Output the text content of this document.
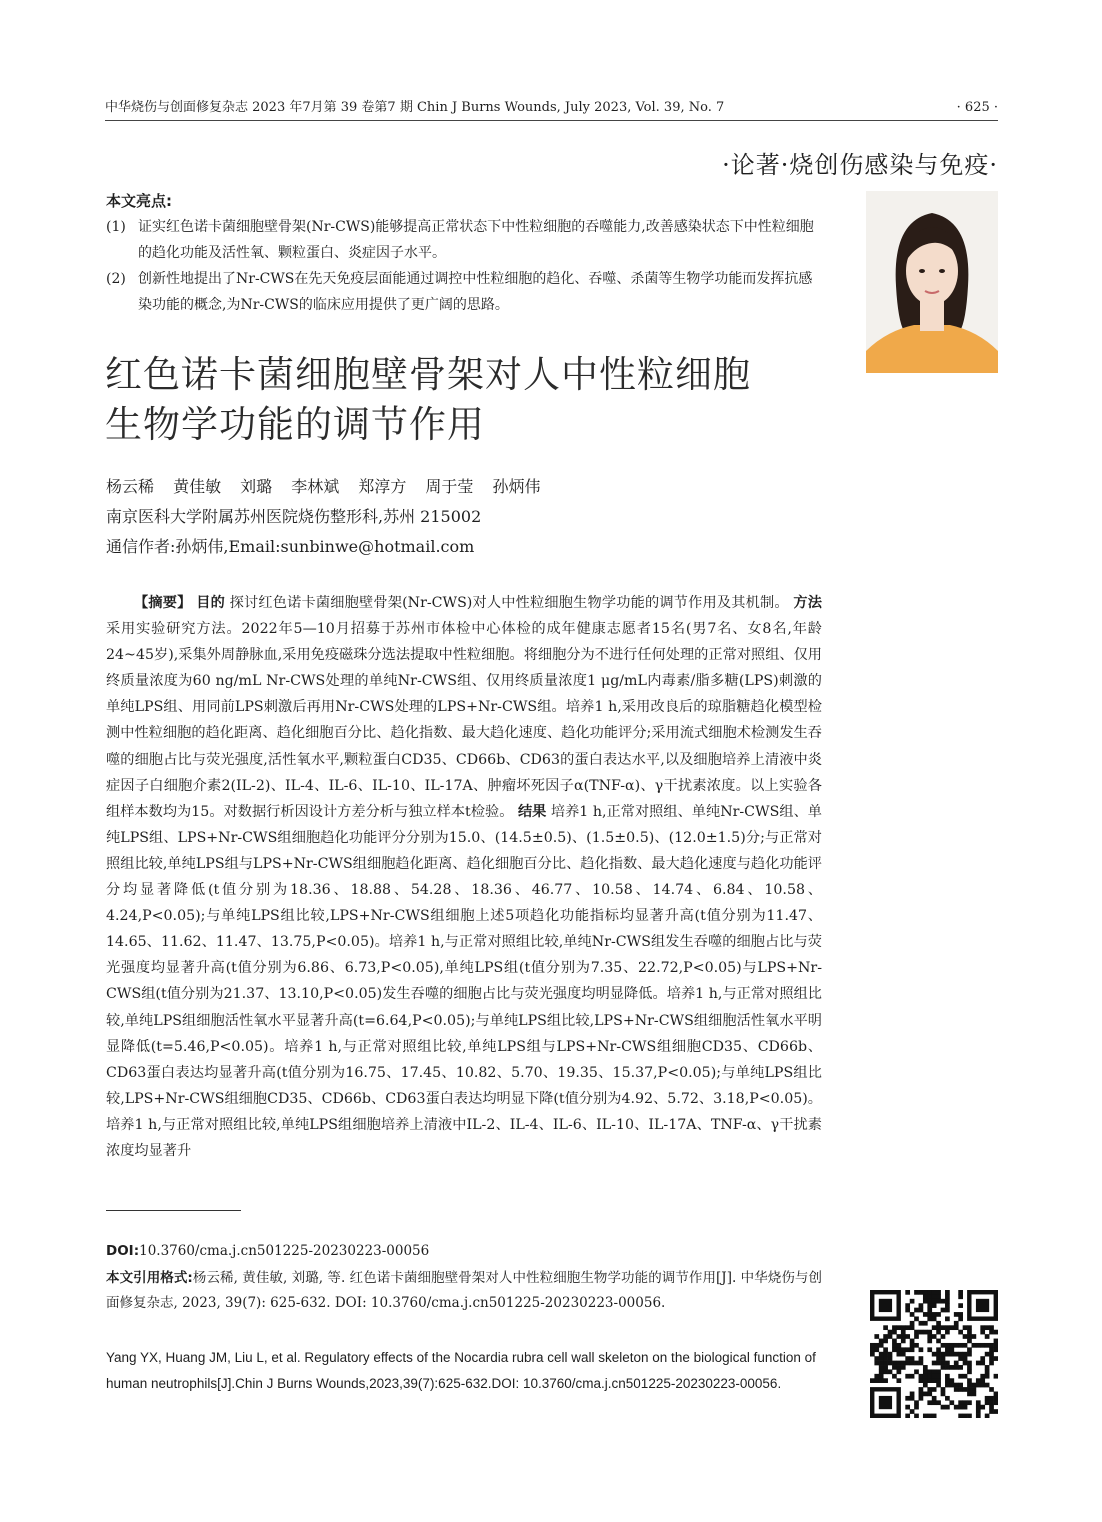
中华烧伤与创面修复杂志 2023 年7月第 39 卷第7 期 Chin J Burns Wounds, July 2023, Vol. 39, No. 7	· 625 ·
·论著·烧创伤感染与免疫·
本文亮点:
(1) 证实红色诺卡菌细胞壁骨架(Nr-CWS)能够提高正常状态下中性粒细胞的吞噬能力,改善感染状态下中性粒细胞的趋化功能及活性氧、颗粒蛋白、炎症因子水平。
(2) 创新性地提出了Nr-CWS在先天免疫层面能通过调控中性粒细胞的趋化、吞噬、杀菌等生物学功能而发挥抗感染功能的概念,为Nr-CWS的临床应用提供了更广阔的思路。
红色诺卡菌细胞壁骨架对人中性粒细胞
生物学功能的调节作用
杨云稀 黄佳敏 刘璐 李林斌 郑淳方 周于莹 孙炳伟
南京医科大学附属苏州医院烧伤整形科,苏州 215002
通信作者:孙炳伟,Email:sunbinwe@hotmail.com
【摘要】 目的 探讨红色诺卡菌细胞壁骨架(Nr-CWS)对人中性粒细胞生物学功能的调节作用及其机制。 方法 采用实验研究方法。2022年5—10月招募于苏州市体检中心体检的成年健康志愿者15名(男7名、女8名,年龄24~45岁),采集外周静脉血,采用免疫磁珠分选法提取中性粒细胞。将细胞分为不进行任何处理的正常对照组、仅用终质量浓度为60 ng/mL Nr-CWS处理的单纯Nr-CWS组、仅用终质量浓度1 μg/mL内毒素/脂多糖(LPS)刺激的单纯LPS组、用同前LPS刺激后再用Nr-CWS处理的LPS+Nr-CWS组。培养1 h,采用改良后的琼脂糖趋化模型检测中性粒细胞的趋化距离、趋化细胞百分比、趋化指数、最大趋化速度、趋化功能评分;采用流式细胞术检测发生吞噬的细胞占比与荧光强度,活性氧水平,颗粒蛋白CD35、CD66b、CD63的蛋白表达水平,以及细胞培养上清液中炎症因子白细胞介素2(IL-2)、IL-4、IL-6、IL-10、IL-17A、肿瘤坏死因子α(TNF-α)、γ干扰素浓度。以上实验各组样本数均为15。对数据行析因设计方差分析与独立样本t检验。 结果 培养1 h,正常对照组、单纯Nr-CWS组、单纯LPS组、LPS+Nr-CWS组细胞趋化功能评分分别为15.0、(14.5±0.5)、(1.5±0.5)、(12.0±1.5)分;与正常对照组比较,单纯LPS组与LPS+Nr-CWS组细胞趋化距离、趋化细胞百分比、趋化指数、最大趋化速度与趋化功能评分均显著降低(t值分别为18.36、18.88、54.28、18.36、46.77、10.58、14.74、6.84、10.58、4.24,P<0.05);与单纯LPS组比较,LPS+Nr-CWS组细胞上述5项趋化功能指标均显著升高(t值分别为11.47、14.65、11.62、11.47、13.75,P<0.05)。培养1 h,与正常对照组比较,单纯Nr-CWS组发生吞噬的细胞占比与荧光强度均显著升高(t值分别为6.86、6.73,P<0.05),单纯LPS组(t值分别为7.35、22.72,P<0.05)与LPS+Nr-CWS组(t值分别为21.37、13.10,P<0.05)发生吞噬的细胞占比与荧光强度均明显降低。培养1 h,与正常对照组比较,单纯LPS组细胞活性氧水平显著升高(t=6.64,P<0.05);与单纯LPS组比较,LPS+Nr-CWS组细胞活性氧水平明显降低(t=5.46,P<0.05)。培养1 h,与正常对照组比较,单纯LPS组与LPS+Nr-CWS组细胞CD35、CD66b、CD63蛋白表达均显著升高(t值分别为16.75、17.45、10.82、5.70、19.35、15.37,P<0.05);与单纯LPS组比较,LPS+Nr-CWS组细胞CD35、CD66b、CD63蛋白表达均明显下降(t值分别为4.92、5.72、3.18,P<0.05)。培养1 h,与正常对照组比较,单纯LPS组细胞培养上清液中IL-2、IL-4、IL-6、IL-10、IL-17A、TNF-α、γ干扰素浓度均显著升
DOI:10.3760/cma.j.cn501225-20230223-00056
本文引用格式:杨云稀, 黄佳敏, 刘璐, 等. 红色诺卡菌细胞壁骨架对人中性粒细胞生物学功能的调节作用[J]. 中华烧伤与创面修复杂志, 2023, 39(7): 625-632. DOI: 10.3760/cma.j.cn501225-20230223-00056.
Yang YX, Huang JM, Liu L, et al. Regulatory effects of the Nocardia rubra cell wall skeleton on the biological function of human neutrophils[J].Chin J Burns Wounds,2023,39(7):625-632.DOI: 10.3760/cma.j.cn501225-20230223-00056.
